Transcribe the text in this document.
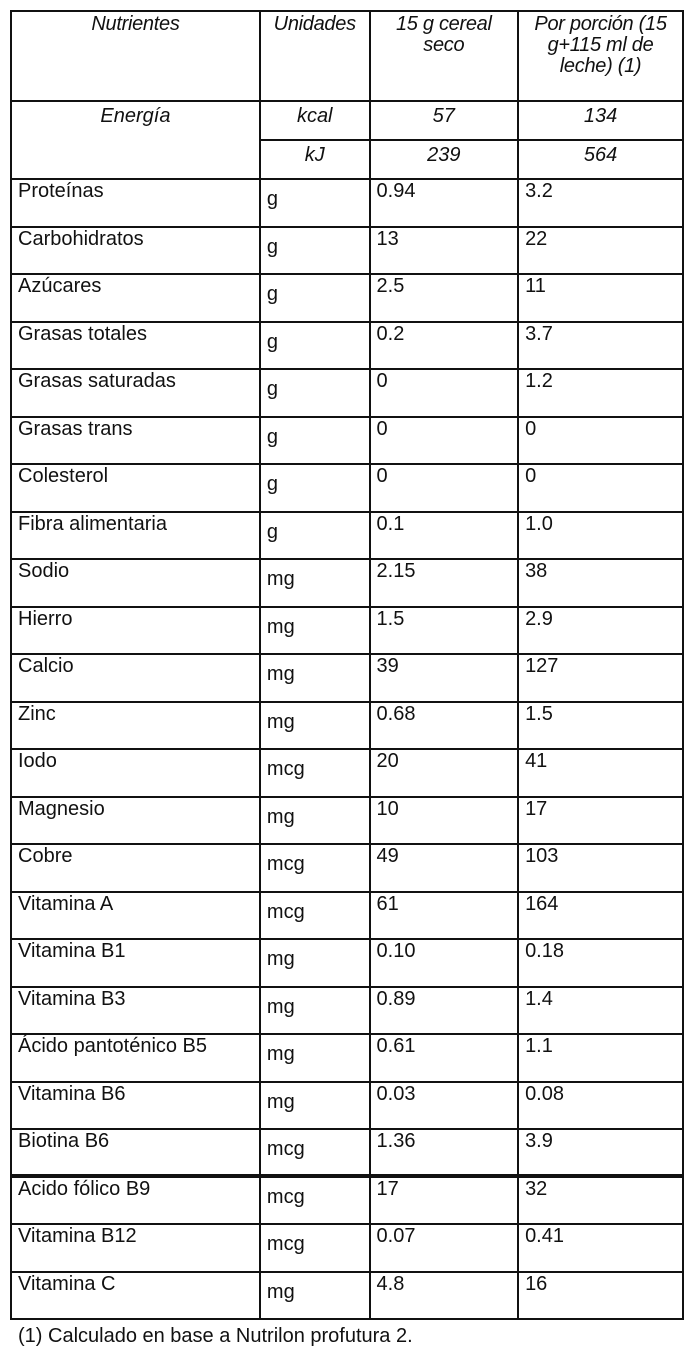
Nutrientes	Unidades	15 g cereal seco	Por porción (15 g+115 ml de leche) (1)
Energía	kcal	57	134
	kJ	239	564
Proteínas	g	0.94	3.2
Carbohidratos	g	13	22
Azúcares	g	2.5	11
Grasas totales	g	0.2	3.7
Grasas saturadas	g	0	1.2
Grasas trans	g	0	0
Colesterol	g	0	0
Fibra alimentaria	g	0.1	1.0
Sodio	mg	2.15	38
Hierro	mg	1.5	2.9
Calcio	mg	39	127
Zinc	mg	0.68	1.5
Iodo	mcg	20	41
Magnesio	mg	10	17
Cobre	mcg	49	103
Vitamina A	mcg	61	164
Vitamina B1	mg	0.10	0.18
Vitamina B3	mg	0.89	1.4
Ácido pantoténico B5	mg	0.61	1.1
Vitamina B6	mg	0.03	0.08
Biotina B6	mcg	1.36	3.9
Acido fólico B9	mcg	17	32
Vitamina B12	mcg	0.07	0.41
Vitamina C	mg	4.8	16
(1) Calculado en base a Nutrilon profutura 2.
